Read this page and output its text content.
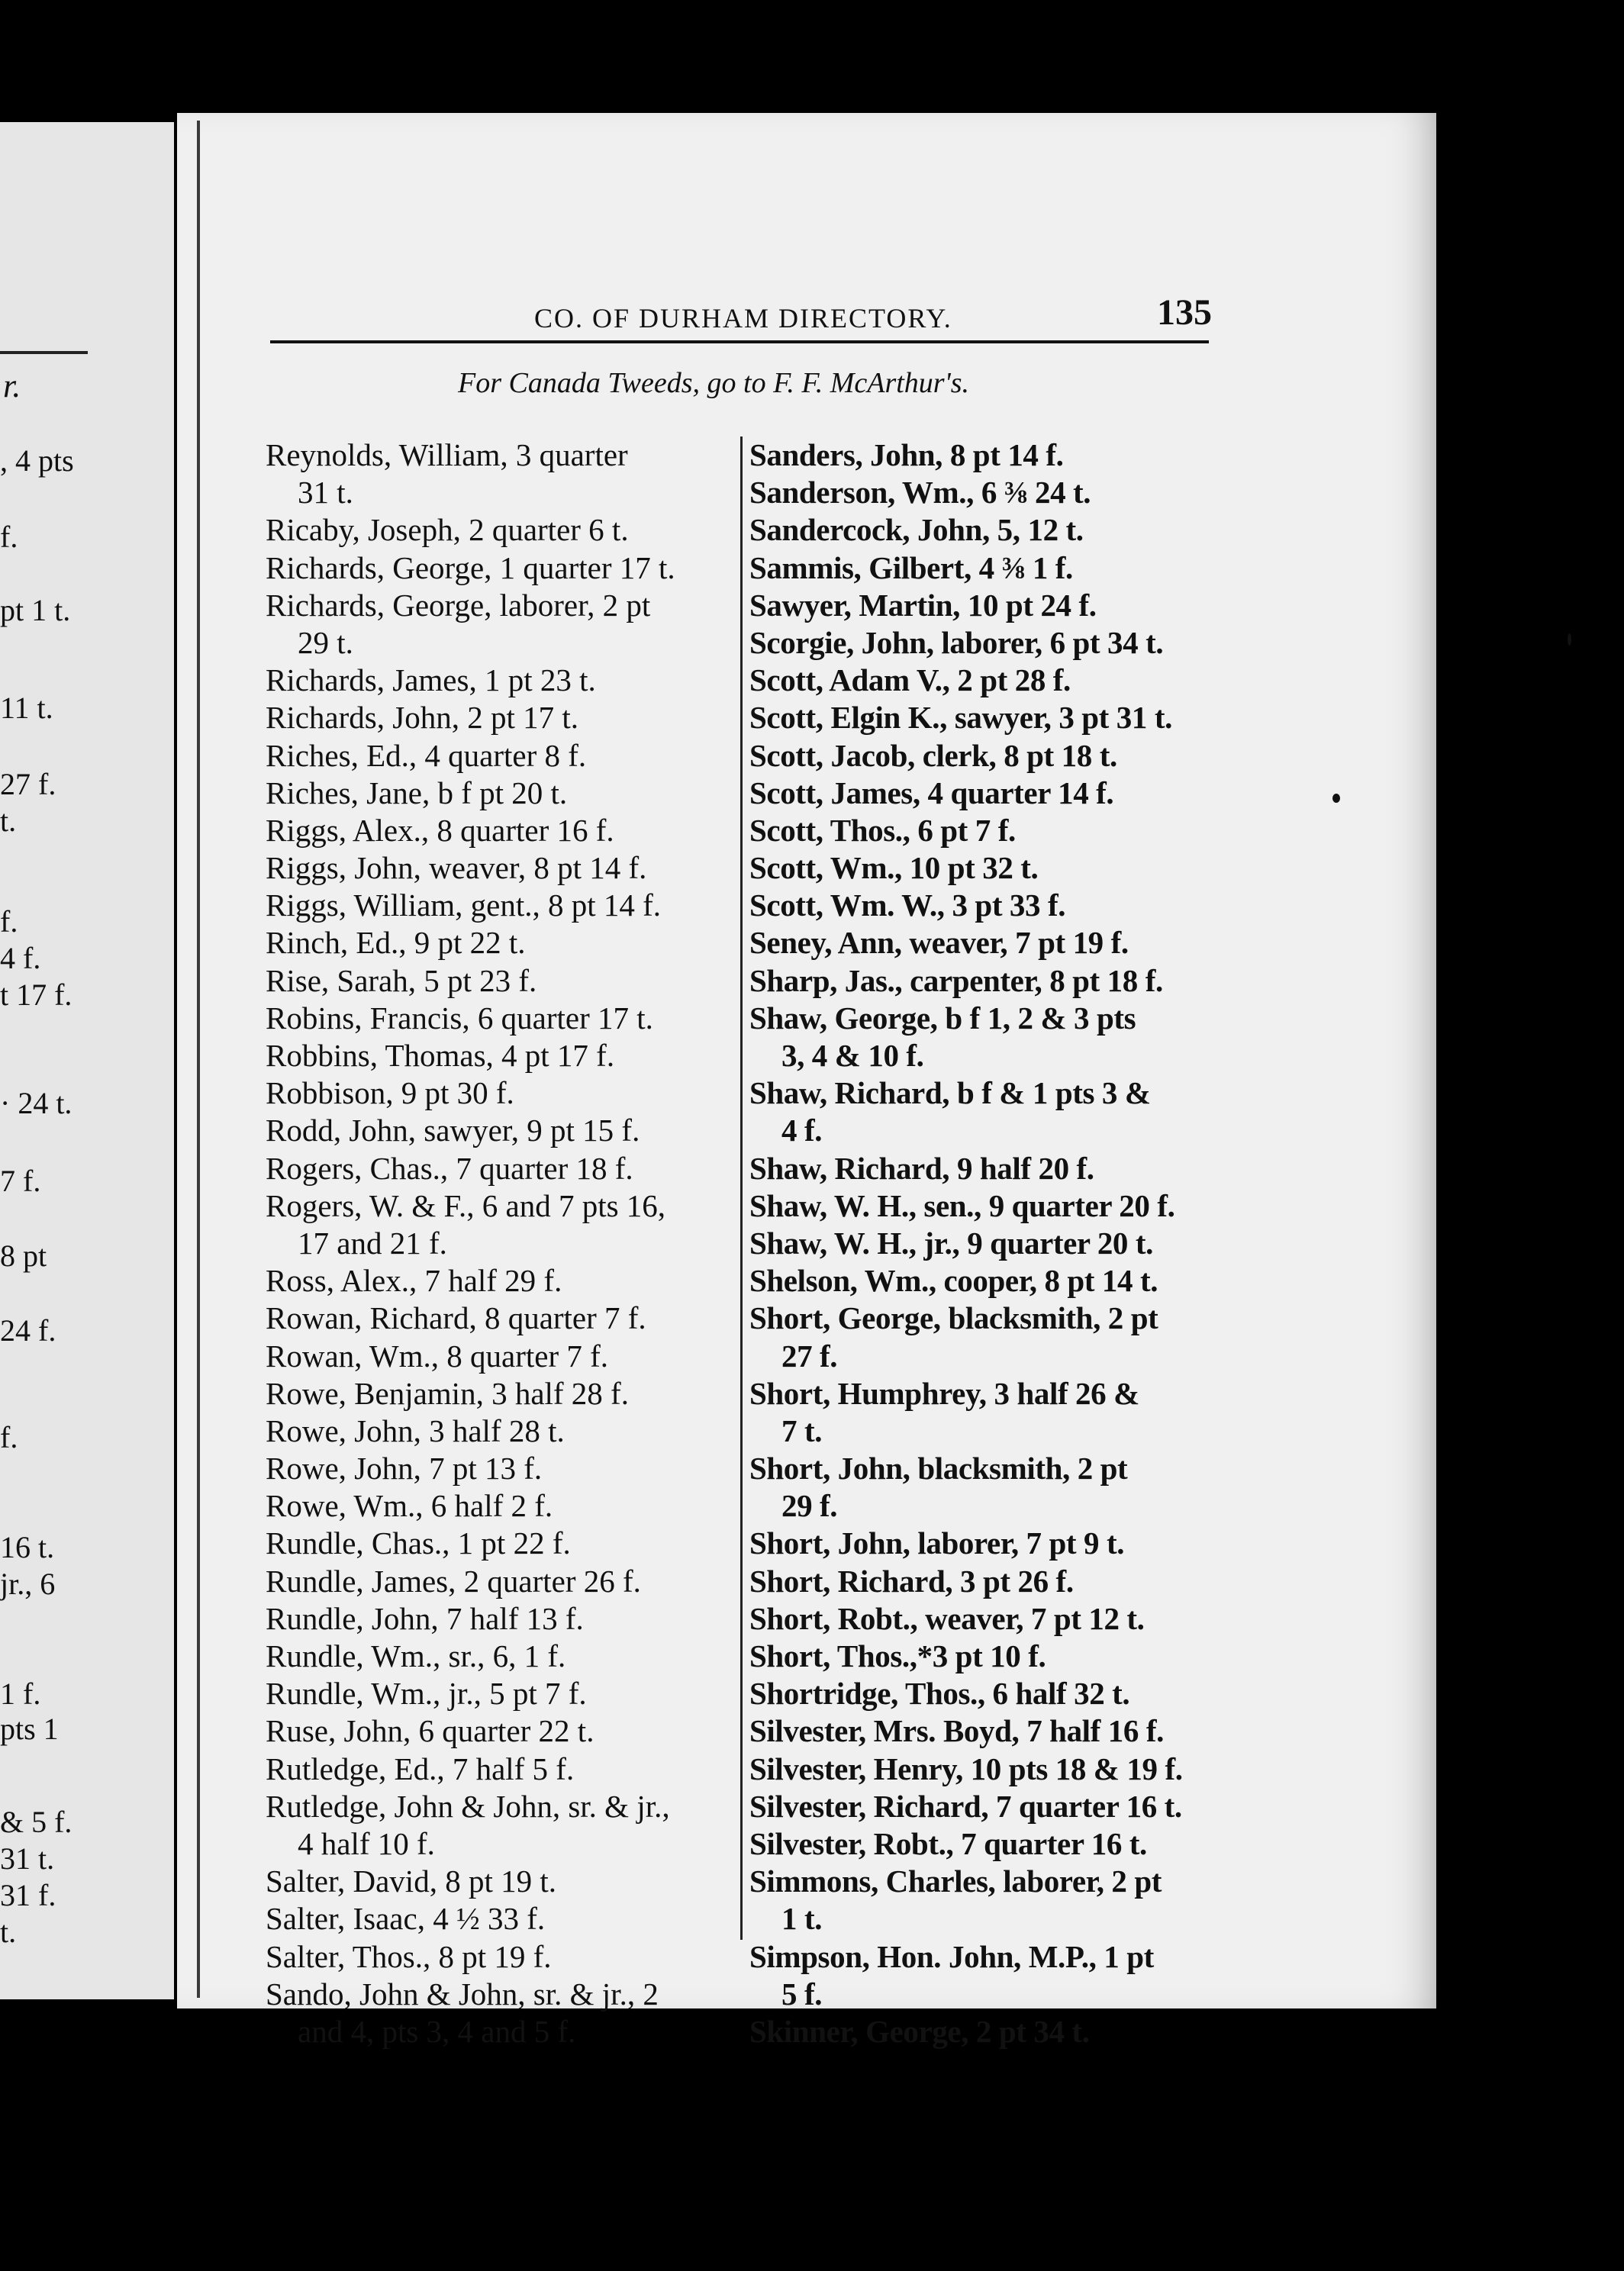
r.
, 4 pts
f.
pt 1 t.
11 t.
27 f.
t.
f.
4 f.
t 17 f.
· 24 t.
7 f.
8 pt
24 f.
f.
16 t.
jr., 6
1 f.
pts 1
& 5 f.
31 t.
31 f.
t.
CO. OF DURHAM DIRECTORY.	135
For Canada Tweeds, go to F. F. McArthur's.
Reynolds, William, 3 quarter
31 t.
Ricaby, Joseph, 2 quarter 6 t.
Richards, George, 1 quarter 17 t.
Richards, George, laborer, 2 pt
29 t.
Richards, James, 1 pt 23 t.
Richards, John, 2 pt 17 t.
Riches, Ed., 4 quarter 8 f.
Riches, Jane, b f pt 20 t.
Riggs, Alex., 8 quarter 16 f.
Riggs, John, weaver, 8 pt 14 f.
Riggs, William, gent., 8 pt 14 f.
Rinch, Ed., 9 pt 22 t.
Rise, Sarah, 5 pt 23 f.
Robins, Francis, 6 quarter 17 t.
Robbins, Thomas, 4 pt 17 f.
Robbison, 9 pt 30 f.
Rodd, John, sawyer, 9 pt 15 f.
Rogers, Chas., 7 quarter 18 f.
Rogers, W. & F., 6 and 7 pts 16,
17 and 21 f.
Ross, Alex., 7 half 29 f.
Rowan, Richard, 8 quarter 7 f.
Rowan, Wm., 8 quarter 7 f.
Rowe, Benjamin, 3 half 28 f.
Rowe, John, 3 half 28 t.
Rowe, John, 7 pt 13 f.
Rowe, Wm., 6 half 2 f.
Rundle, Chas., 1 pt 22 f.
Rundle, James, 2 quarter 26 f.
Rundle, John, 7 half 13 f.
Rundle, Wm., sr., 6, 1 f.
Rundle, Wm., jr., 5 pt 7 f.
Ruse, John, 6 quarter 22 t.
Rutledge, Ed., 7 half 5 f.
Rutledge, John & John, sr. & jr.,
4 half 10 f.
Salter, David, 8 pt 19 t.
Salter, Isaac, 4 ½ 33 f.
Salter, Thos., 8 pt 19 f.
Sando, John & John, sr. & jr., 2
and 4, pts 3, 4 and 5 f.
Sanders, John, 8 pt 14 f.
Sanderson, Wm., 6 ⅜ 24 t.
Sandercock, John, 5, 12 t.
Sammis, Gilbert, 4 ⅜ 1 f.
Sawyer, Martin, 10 pt 24 f.
Scorgie, John, laborer, 6 pt 34 t.
Scott, Adam V., 2 pt 28 f.
Scott, Elgin K., sawyer, 3 pt 31 t.
Scott, Jacob, clerk, 8 pt 18 t.
Scott, James, 4 quarter 14 f.
Scott, Thos., 6 pt 7 f.
Scott, Wm., 10 pt 32 t.
Scott, Wm. W., 3 pt 33 f.
Seney, Ann, weaver, 7 pt 19 f.
Sharp, Jas., carpenter, 8 pt 18 f.
Shaw, George, b f 1, 2 & 3 pts
3, 4 & 10 f.
Shaw, Richard, b f & 1 pts 3 &
4 f.
Shaw, Richard, 9 half 20 f.
Shaw, W. H., sen., 9 quarter 20 f.
Shaw, W. H., jr., 9 quarter 20 t.
Shelson, Wm., cooper, 8 pt 14 t.
Short, George, blacksmith, 2 pt
27 f.
Short, Humphrey, 3 half 26 &
7 t.
Short, John, blacksmith, 2 pt
29 f.
Short, John, laborer, 7 pt 9 t.
Short, Richard, 3 pt 26 f.
Short, Robt., weaver, 7 pt 12 t.
Short, Thos.,*3 pt 10 f.
Shortridge, Thos., 6 half 32 t.
Silvester, Mrs. Boyd, 7 half 16 f.
Silvester, Henry, 10 pts 18 & 19 f.
Silvester, Richard, 7 quarter 16 t.
Silvester, Robt., 7 quarter 16 t.
Simmons, Charles, laborer, 2 pt
1 t.
Simpson, Hon. John, M.P., 1 pt
5 f.
Skinner, George, 2 pt 34 t.
